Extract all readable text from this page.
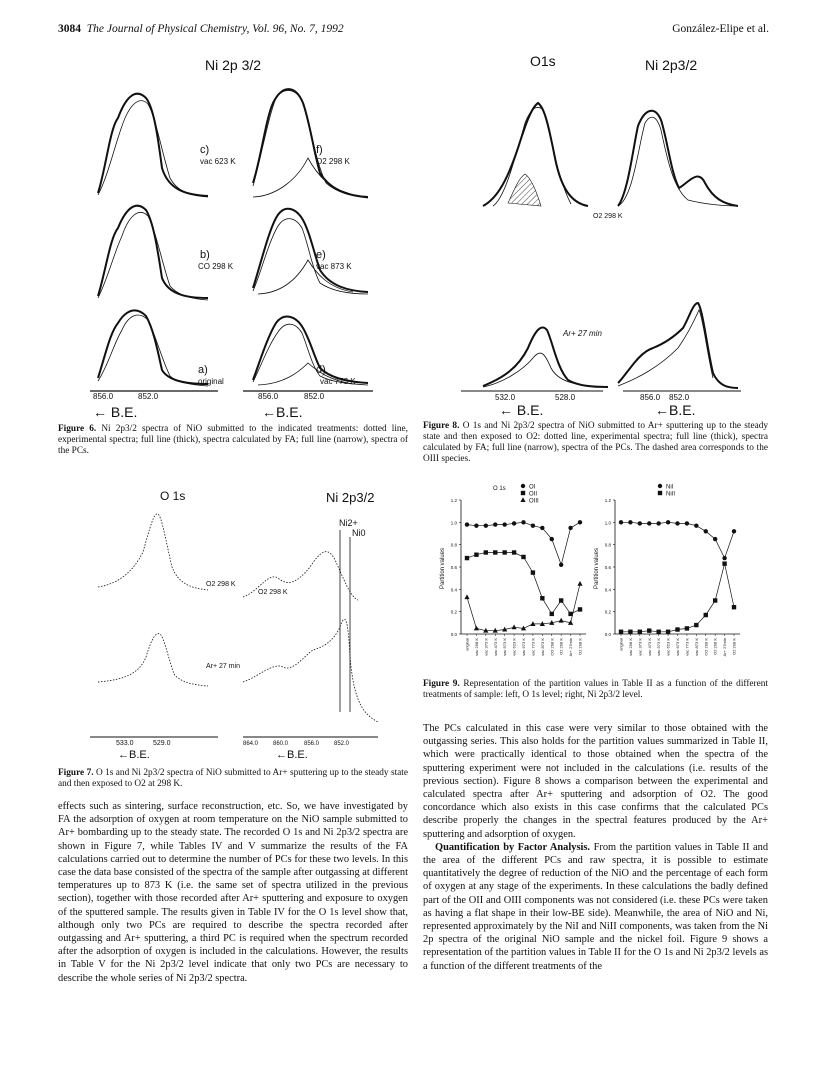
3084 The Journal of Physical Chemistry, Vol. 96, No. 7, 1992	González-Elipe et al.
Ni 2p 3/2
c)
vac 623 K
f)
O2 298 K
b)
CO 298 K
e)
vac 873 K
a)
original
d)
vac 773 K
856.0	852.0	856.0	852.0
← B.E.	←B.E.
Figure 6. Ni 2p3/2 spectra of NiO submitted to the indicated treatments: dotted line, experimental spectra; full line (thick), spectra calculated by FA; full line (narrow), spectra of the PCs.
O 1s	Ni 2p3/2
O2 298 K
Ar+ 27 min
O2 298 K
Ni2+
Ni0
533.0	529.0	864.0 860.0	856.0 852.0
←B.E.	←B.E.
Figure 7. O 1s and Ni 2p3/2 spectra of NiO submitted to Ar+ sputtering up to the steady state and then exposed to O2 at 298 K.
effects such as sintering, surface reconstruction, etc. So, we have investigated by FA the adsorption of oxygen at room temperature on the NiO sample submitted to Ar+ bombarding up to the steady state. The recorded O 1s and Ni 2p3/2 spectra are shown in Figure 7, while Tables IV and V summarize the results of the FA calculations carried out to determine the number of PCs for these two levels. In this case the data base consisted of the spectra of the sample after outgassing at different temperatures up to 873 K (i.e. the same set of spectra utilized in the previous section), together with those recorded after Ar+ sputtering and exposure to oxygen of the sputtered sample. The results given in Table IV for the O 1s level show that, although only two PCs are required to describe the spectra recorded after outgassing and Ar+ sputtering, a third PC is required when the spectrum recorded after the adsorption of oxygen is included in the calculations. However, the results in Table V for the Ni 2p3/2 level indicate that only two PCs are necessary to describe the whole series of Ni 2p3/2 spectra.
O1s	Ni 2p3/2
O2 298 K
Ar+ 27 min
532.0	528.0	856.0 852.0
← B.E.	←B.E.
Figure 8. O 1s and Ni 2p3/2 spectra of NiO submitted to Ar+ sputtering up to the steady state and then exposed to O2: dotted line, experimental spectra; full line (thick), spectra calculated by FA; full line (narrow), spectra of the PCs. The dashed area corresponds to the OIII species.
O 1s	OI
OII
OIII
NiI
NiII
0.0
0.2
0.4
0.6
0.8
1.0
1.2
Partition values
original vac 298 K vac 373 K vac 473 K vac 573 K vac 623 K vac 673 K vac 773 K vac 873 K CO 298 K O2 298 K Ar+ 27min O2 298 K
0.0
0.2
0.4
0.6
0.8
1.0
1.2
Partition values
original vac 298 K vac 373 K vac 473 K vac 573 K vac 623 K vac 673 K vac 773 K vac 873 K CO 298 K O2 298 K Ar+ 27min O2 298 K
Figure 9. Representation of the partition values in Table II as a function of the different treatments of sample: left, O 1s level; right, Ni 2p3/2 level.
The PCs calculated in this case were very similar to those obtained with the outgassing series. This also holds for the partition values summarized in Table II, which were practically identical to those obtained when the spectra of the sputtering experiment were not included in the calculations (i.e. results of the previous section). Figure 8 shows a comparison between the experimental and calculated spectra after Ar+ sputtering and adsorption of O2. The good concordance which also exists in this case confirms that the calculated PCs describe properly the changes in the spectral features produced by the Ar+ sputtering and adsorption of oxygen.
Quantification by Factor Analysis. From the partition values in Table II and the area of the different PCs and raw spectra, it is possible to estimate quantitatively the degree of reduction of the NiO and the percentage of each form of oxygen at any stage of the experiments. In these calculations the badly defined part of the OII and OIII components was not considered (i.e. these PCs were taken as having a flat shape in their low-BE side). Meanwhile, the area of NiO and Ni, represented approximately by the NiI and NiII components, was taken from the Ni 2p spectra of the original NiO sample and the nickel foil. Figure 9 shows a representation of the partition values in Table II for the O 1s and Ni 2p3/2 levels as a function of the different treatments of the
